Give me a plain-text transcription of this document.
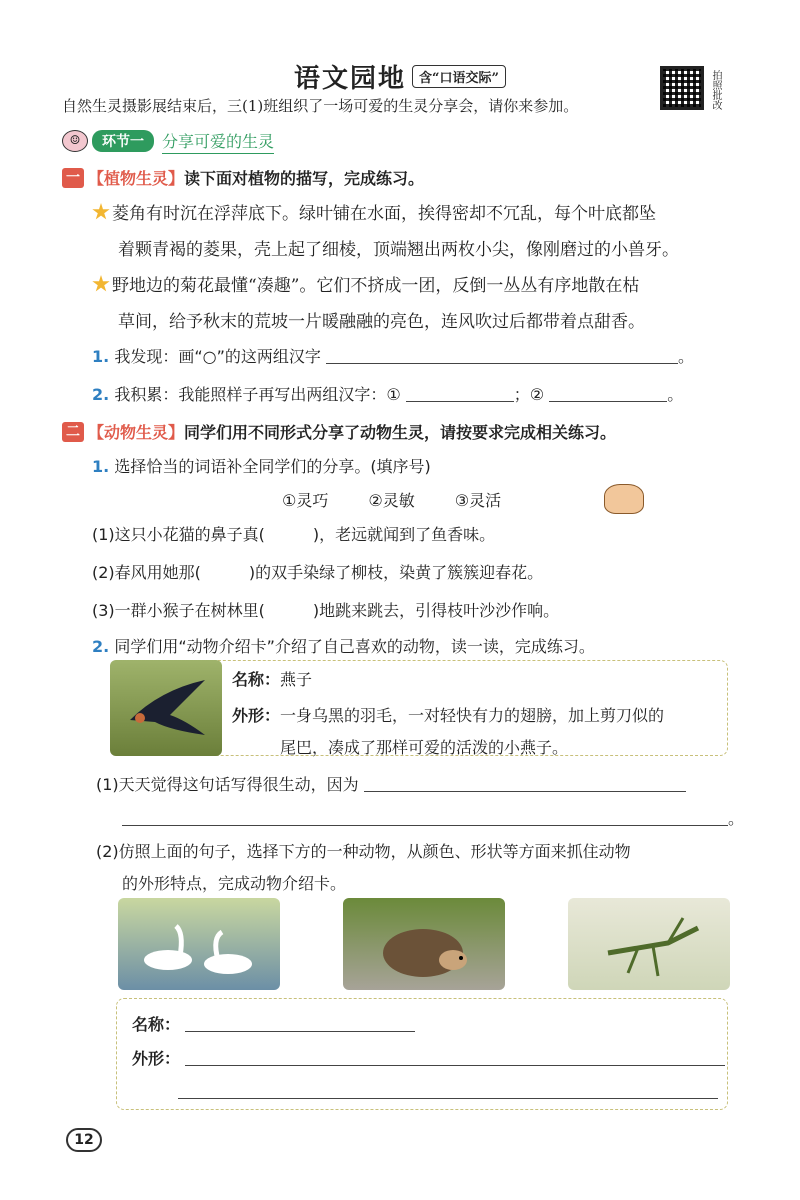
语文园地 含“口语交际”	拍照批改
自然生灵摄影展结束后，三(1)班组织了一场可爱的生灵分享会，请你来参加。
☺	环节一	分享可爱的生灵
一 【植物生灵】 读下面对植物的描写，完成练习。
菱角有时沉在浮萍底下。绿叶铺在水面，挨得密却不冗乱，每个叶底都坠
着颗青褐的菱果，壳上起了细棱，顶端翘出两枚小尖，像刚磨过的小兽牙。
野地边的菊花最懂“凑趣”。它们不挤成一团，反倒一丛丛有序地散在枯
草间，给予秋末的荒坡一片暖融融的亮色，连风吹过后都带着点甜香。
1. 我发现：画“○”的这两组汉字	。
2. 我积累：我能照样子再写出两组汉字：①	；②	。
二 【动物生灵】 同学们用不同形式分享了动物生灵，请按要求完成相关练习。
1. 选择恰当的词语补全同学们的分享。(填序号)
①灵巧	②灵敏	③灵活
(1)这只小花猫的鼻子真(　　　)，老远就闻到了鱼香味。
(2)春风用她那(　　　)的双手染绿了柳枝，染黄了簇簇迎春花。
(3)一群小猴子在树林里(　　　)地跳来跳去，引得枝叶沙沙作响。
2. 同学们用“动物介绍卡”介绍了自己喜欢的动物，读一读，完成练习。
名称：燕子
外形：一身乌黑的羽毛，一对轻快有力的翅膀，加上剪刀似的
尾巴，凑成了那样可爱的活泼的小燕子。
(1)天天觉得这句话写得很生动，因为
。
(2)仿照上面的句子，选择下方的一种动物，从颜色、形状等方面来抓住动物
的外形特点，完成动物介绍卡。
名称：
外形：
12
